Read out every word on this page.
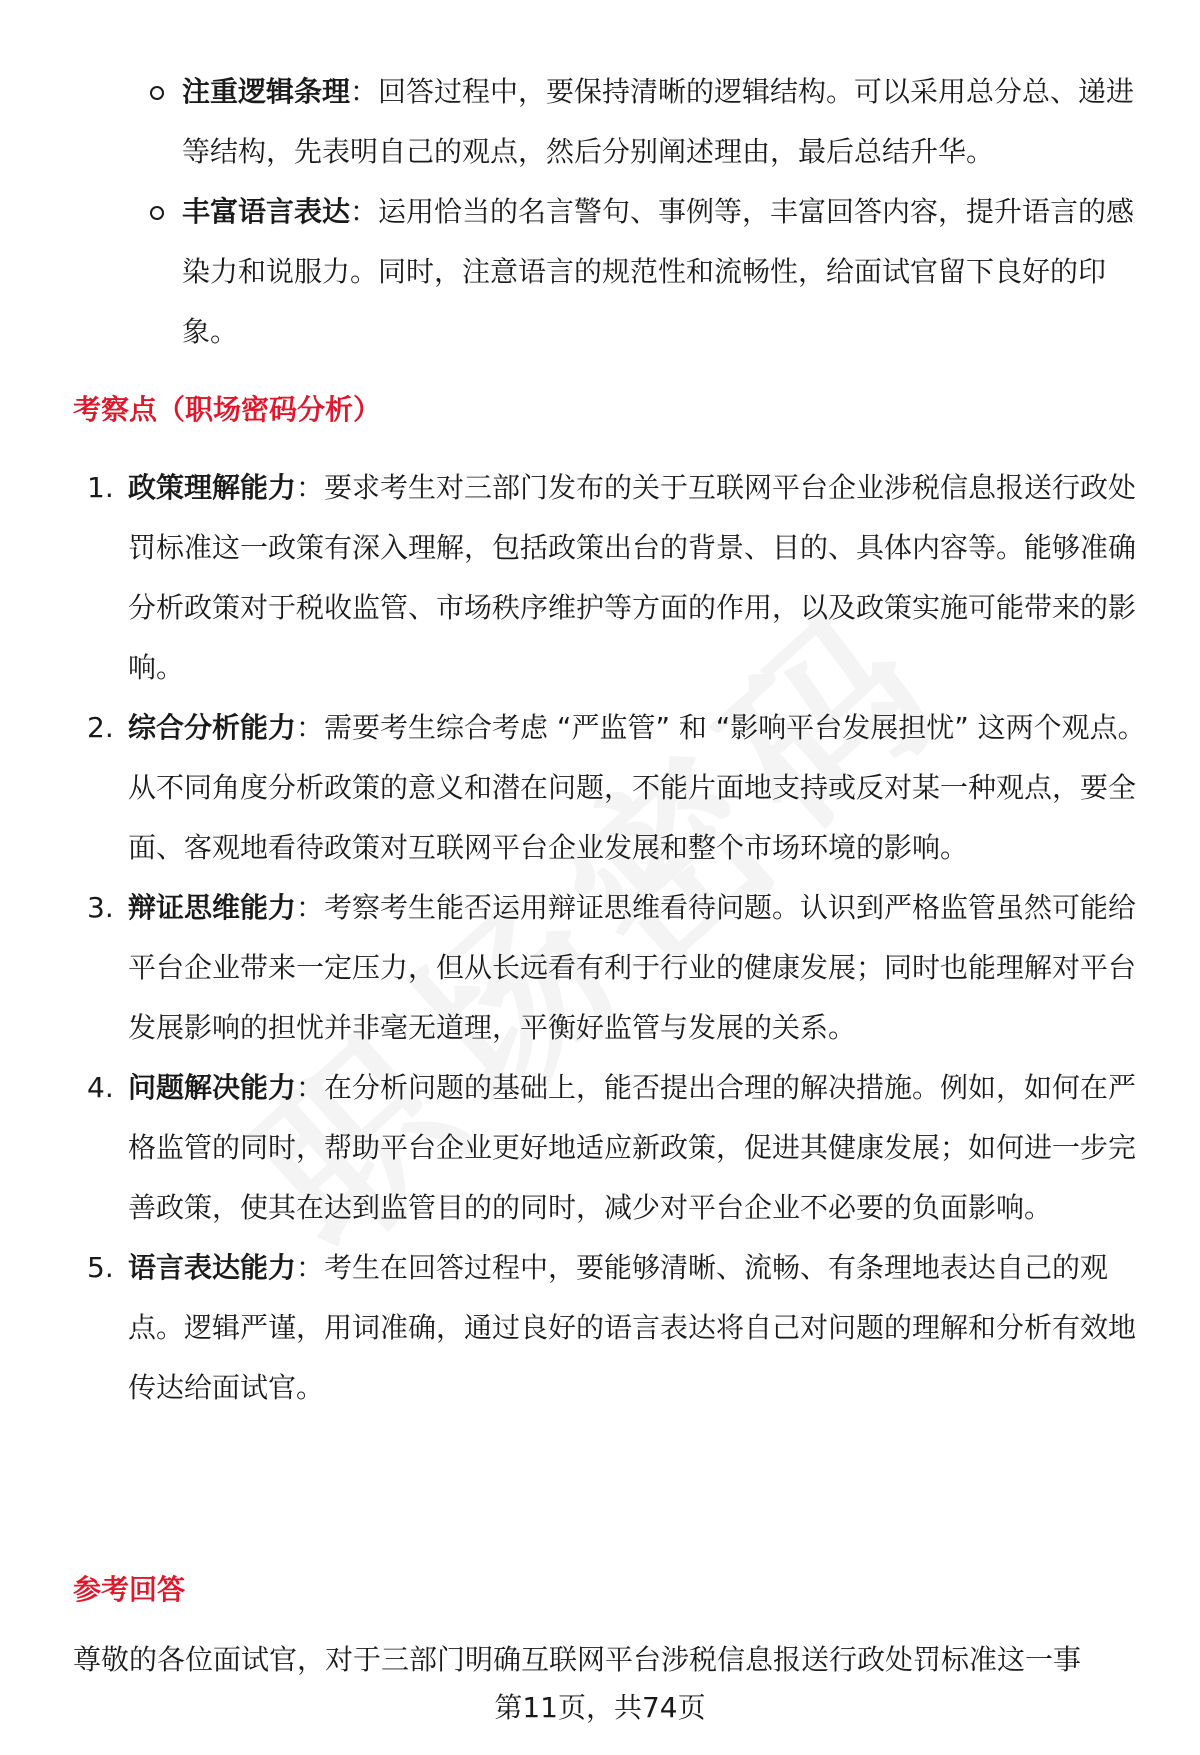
注重逻辑条理：回答过程中，要保持清晰的逻辑结构。可以采用总分总、递进等结构，先表明自己的观点，然后分别阐述理由，最后总结升华。
丰富语言表达：运用恰当的名言警句、事例等，丰富回答内容，提升语言的感染力和说服力。同时，注意语言的规范性和流畅性，给面试官留下良好的印象。
考察点（职场密码分析）
1. 政策理解能力：要求考生对三部门发布的关于互联网平台企业涉税信息报送行政处罚标准这一政策有深入理解，包括政策出台的背景、目的、具体内容等。能够准确分析政策对于税收监管、市场秩序维护等方面的作用，以及政策实施可能带来的影响。
2. 综合分析能力：需要考生综合考虑 “严监管” 和 “影响平台发展担忧” 这两个观点。从不同角度分析政策的意义和潜在问题，不能片面地支持或反对某一种观点，要全面、客观地看待政策对互联网平台企业发展和整个市场环境的影响。
3. 辩证思维能力：考察考生能否运用辩证思维看待问题。认识到严格监管虽然可能给平台企业带来一定压力，但从长远看有利于行业的健康发展；同时也能理解对平台发展影响的担忧并非毫无道理，平衡好监管与发展的关系。
4. 问题解决能力：在分析问题的基础上，能否提出合理的解决措施。例如，如何在严格监管的同时，帮助平台企业更好地适应新政策，促进其健康发展；如何进一步完善政策，使其在达到监管目的的同时，减少对平台企业不必要的负面影响。
5. 语言表达能力：考生在回答过程中，要能够清晰、流畅、有条理地表达自己的观点。逻辑严谨，用词准确，通过良好的语言表达将自己对问题的理解和分析有效地传达给面试官。
参考回答
尊敬的各位面试官，对于三部门明确互联网平台涉税信息报送行政处罚标准这一事
第11页，共74页
